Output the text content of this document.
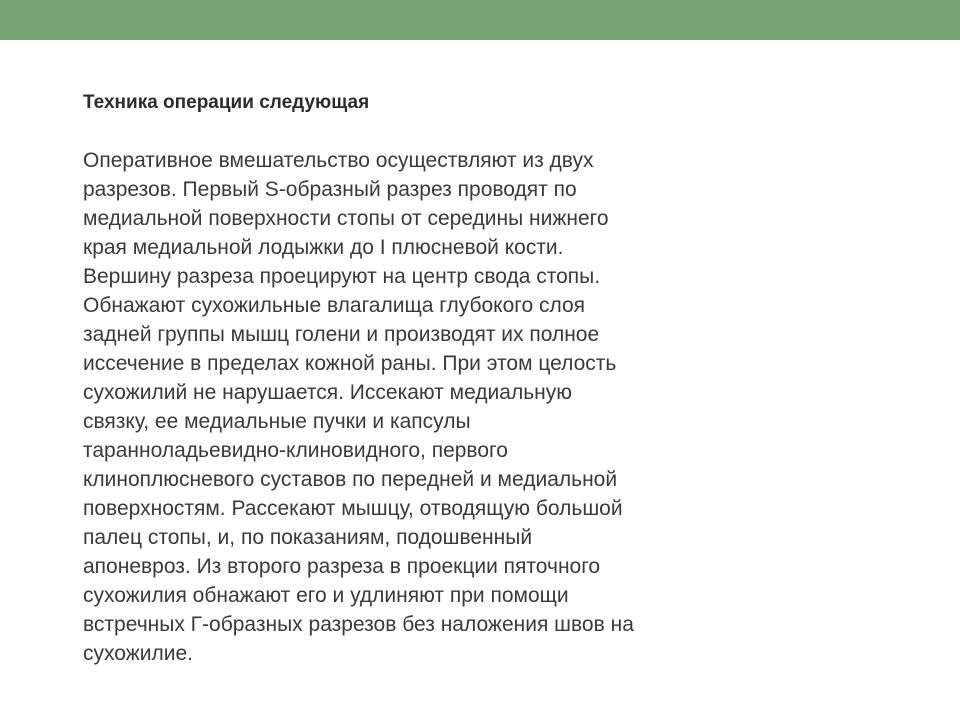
Техника операции следующая
Оперативное вмешательство осуществляют из двух
разрезов. Первый S-образный разрез проводят по
медиальной поверхности стопы от середины нижнего
края медиальной лодыжки до I плюсневой кости.
Вершину разреза проецируют на центр свода стопы.
Обнажают сухожильные влагалища глубокого слоя
задней группы мышц голени и производят их полное
иссечение в пределах кожной раны. При этом целость
сухожилий не нарушается. Иссекают медиальную
связку, ее медиальные пучки и капсулы
таранноладьевидно-клиновидного, первого
клиноплюсневого суставов по передней и медиальной
поверхностям. Рассекают мышцу, отводящую большой
палец стопы, и, по показаниям, подошвенный
апоневроз. Из второго разреза в проекции пяточного
сухожилия обнажают его и удлиняют при помощи
встречных Г-образных разрезов без наложения швов на
сухожилие.
